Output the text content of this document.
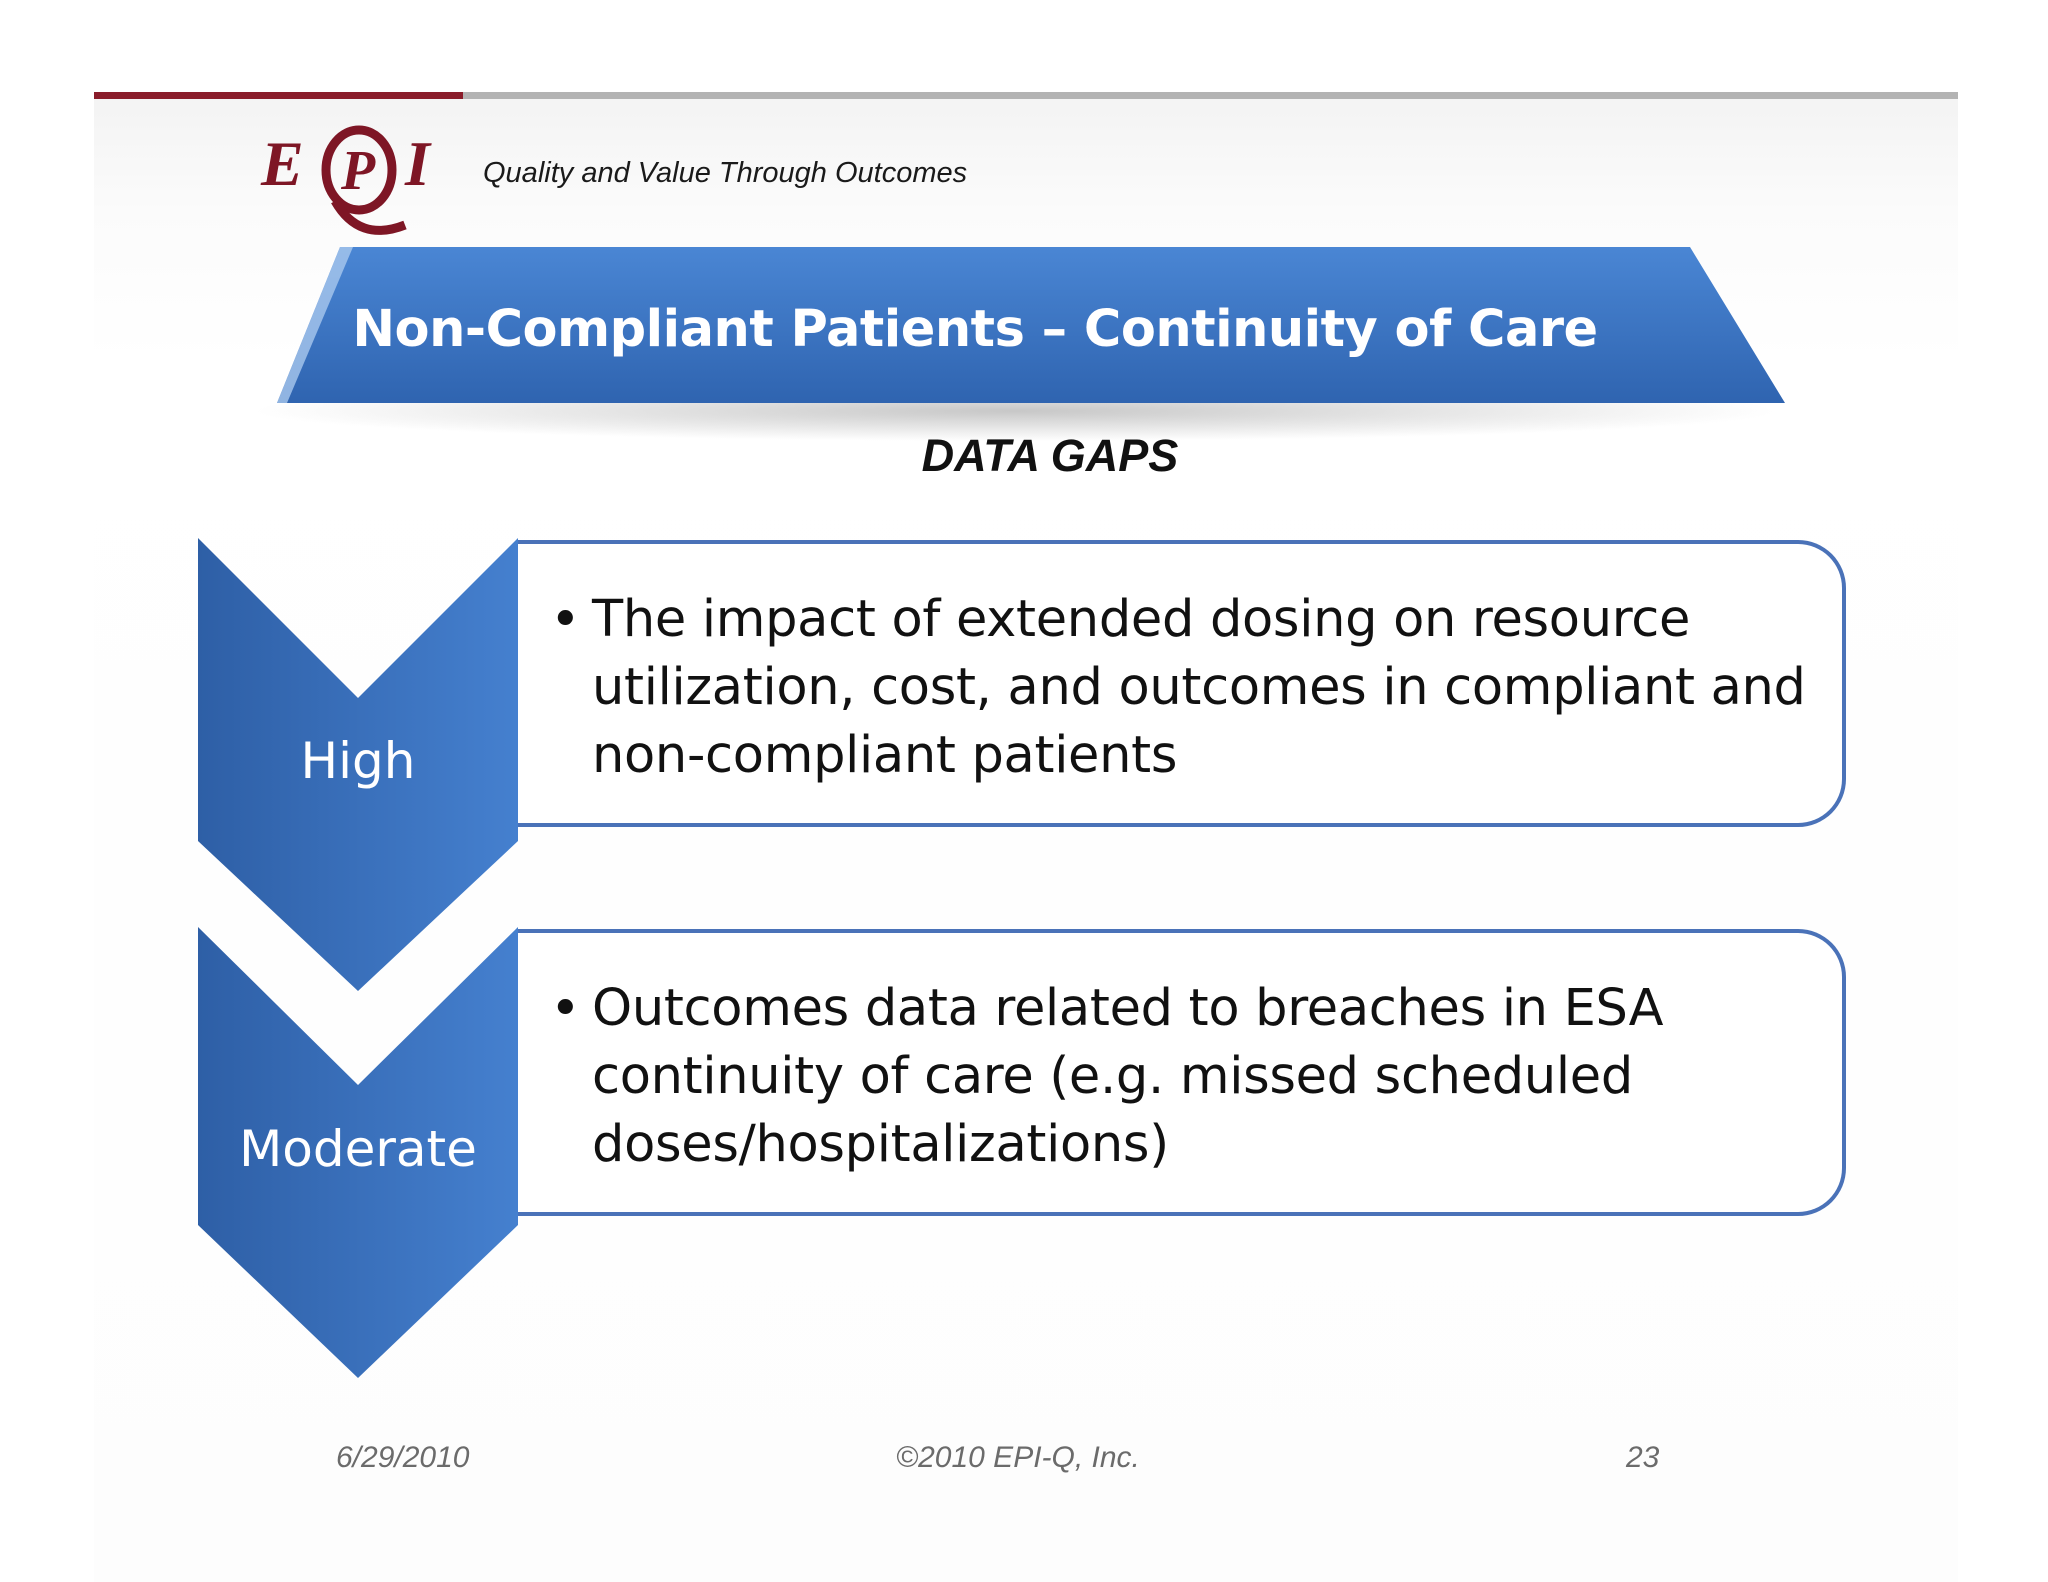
E P I Quality and Value Through Outcomes
Non-Compliant Patients – Continuity of Care
DATA GAPS
High
Moderate
• The impact of extended dosing on resource utilization, cost, and outcomes in compliant and non-compliant patients
• Outcomes data related to breaches in ESA continuity of care (e.g. missed scheduled doses/hospitalizations)
6/29/2010	©2010 EPI-Q, Inc.	23
